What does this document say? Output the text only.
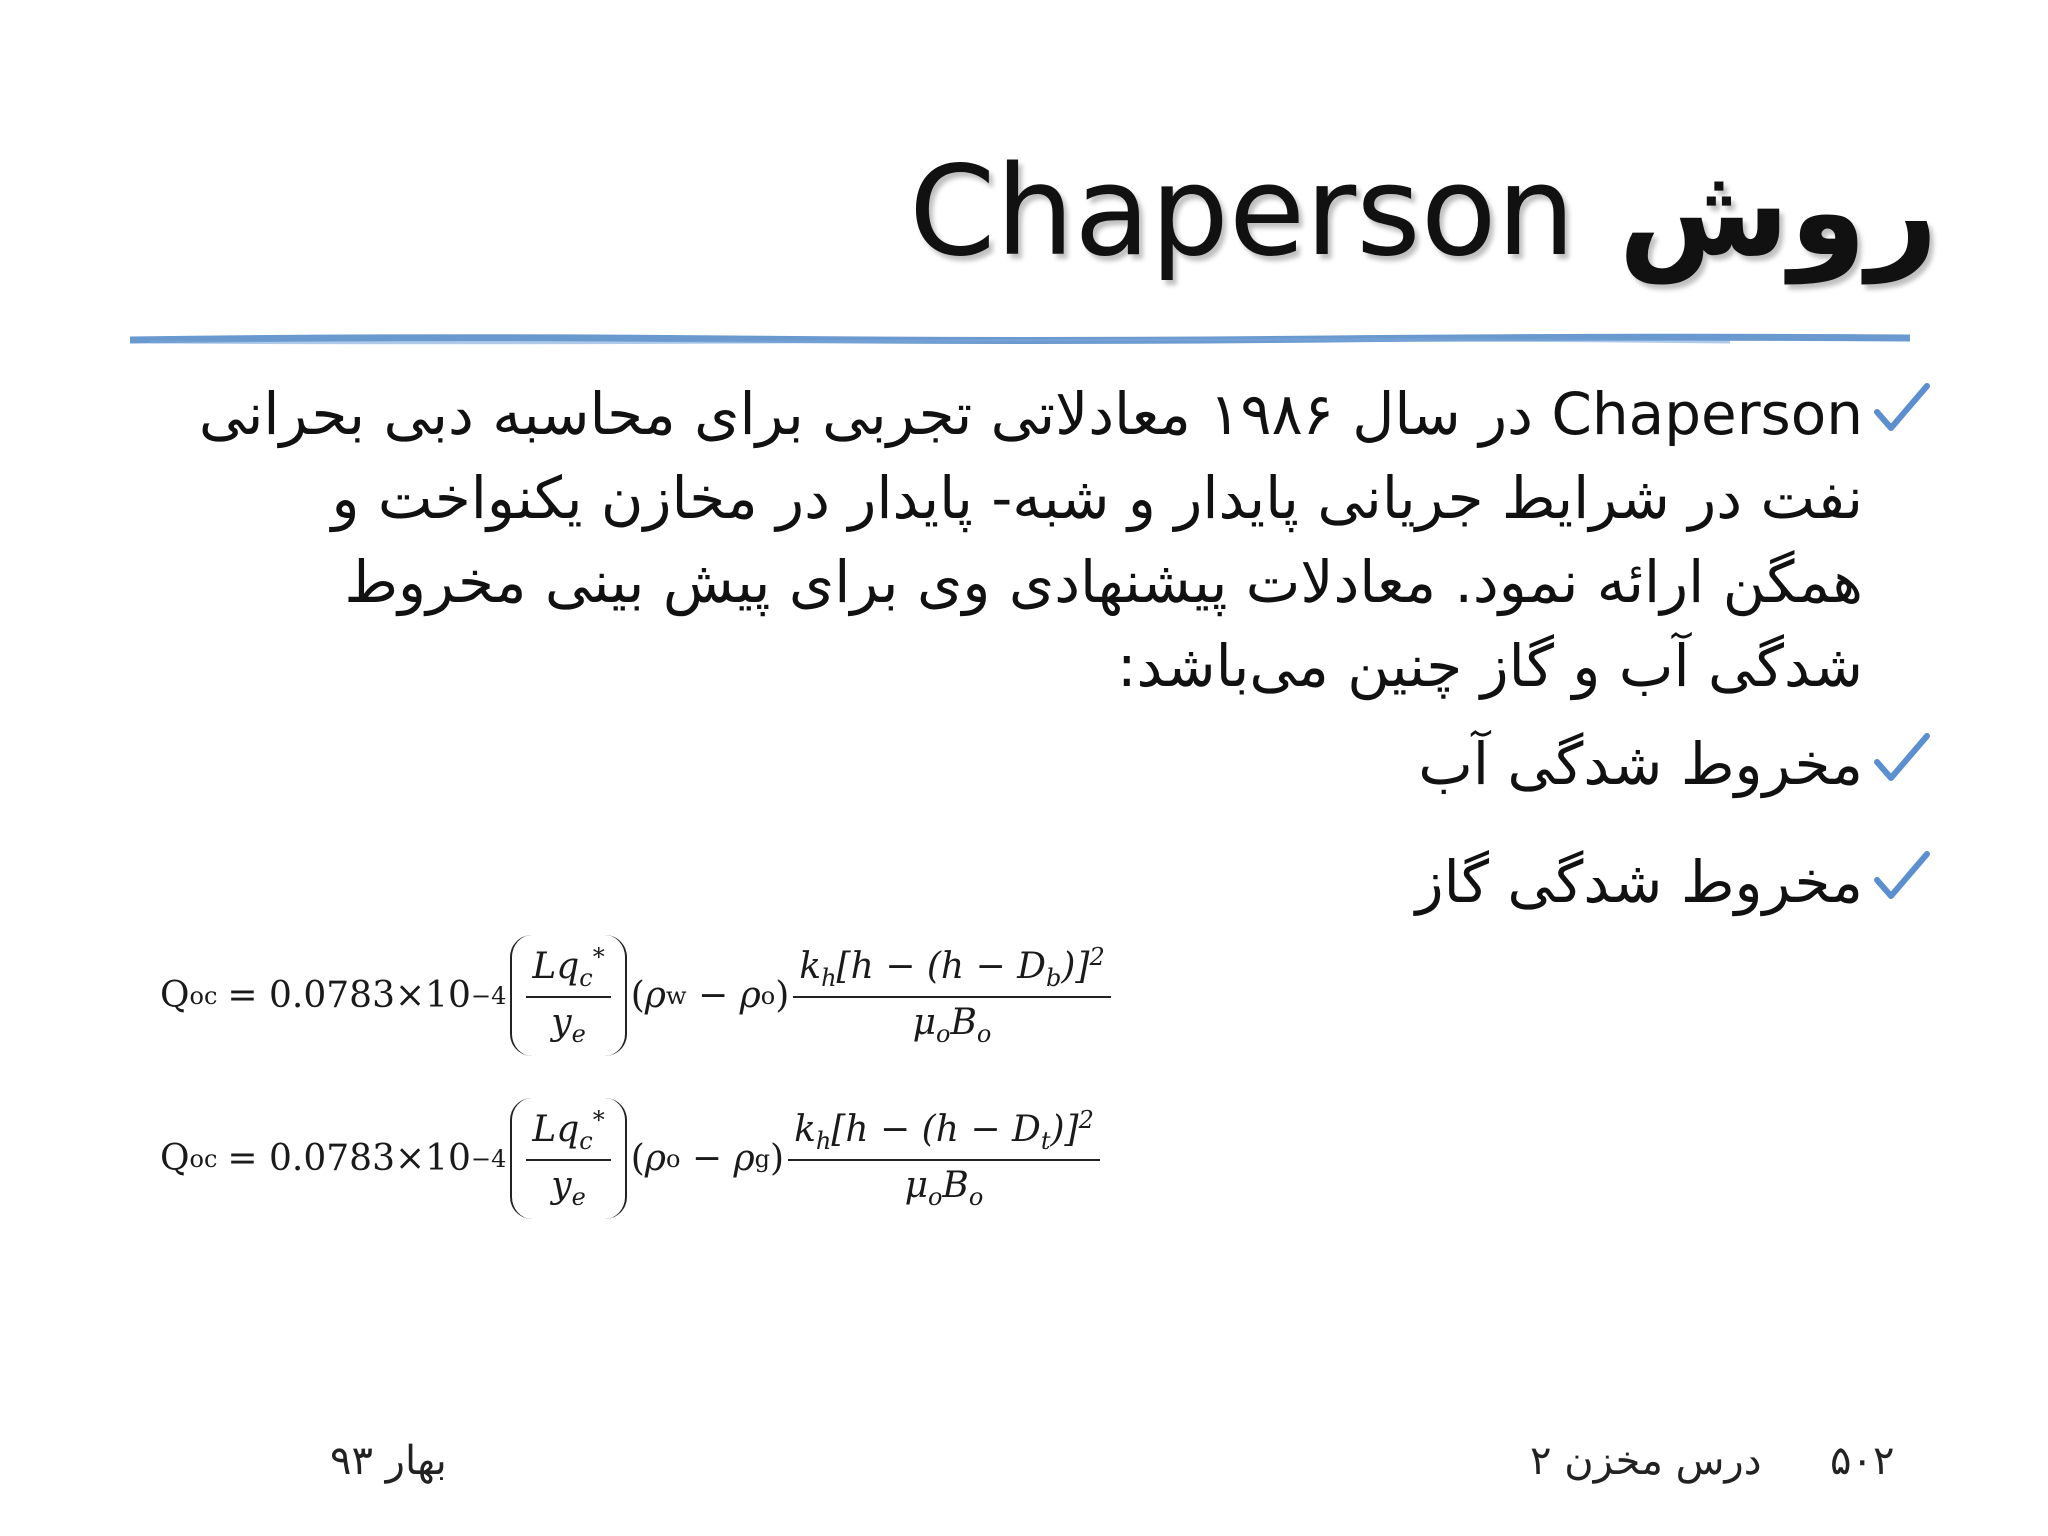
روش Chaperson
Chaperson در سال ۱۹۸۶ معادلاتی تجربی برای محاسبه دبی بحرانی نفت در شرایط جریانی پایدار و شبه- پایدار در مخازن یکنواخت و همگن ارائه نمود. معادلات پیشنهادی وی برای پیش بینی مخروط شدگی آب و گاز چنین می‌باشد:
مخروط شدگی آب
مخروط شدگی گاز
Q oc = $0.0783\times 10 -4 \frac{Lq_c^*}{y_e}$ ( ρ w − ρ o ) $\frac{k_h[h - (h - D_b)]^2}{\mu_oB_o}$
Q oc = $0.0783\times 10 -4 \frac{Lq_c^*}{y_e}$ ( ρ o − ρ g ) $\frac{k_h[h - (h - D_t)]^2}{\mu_oB_o}$
بهار ۹۳	درس مخزن ۲ ۵۰۲
